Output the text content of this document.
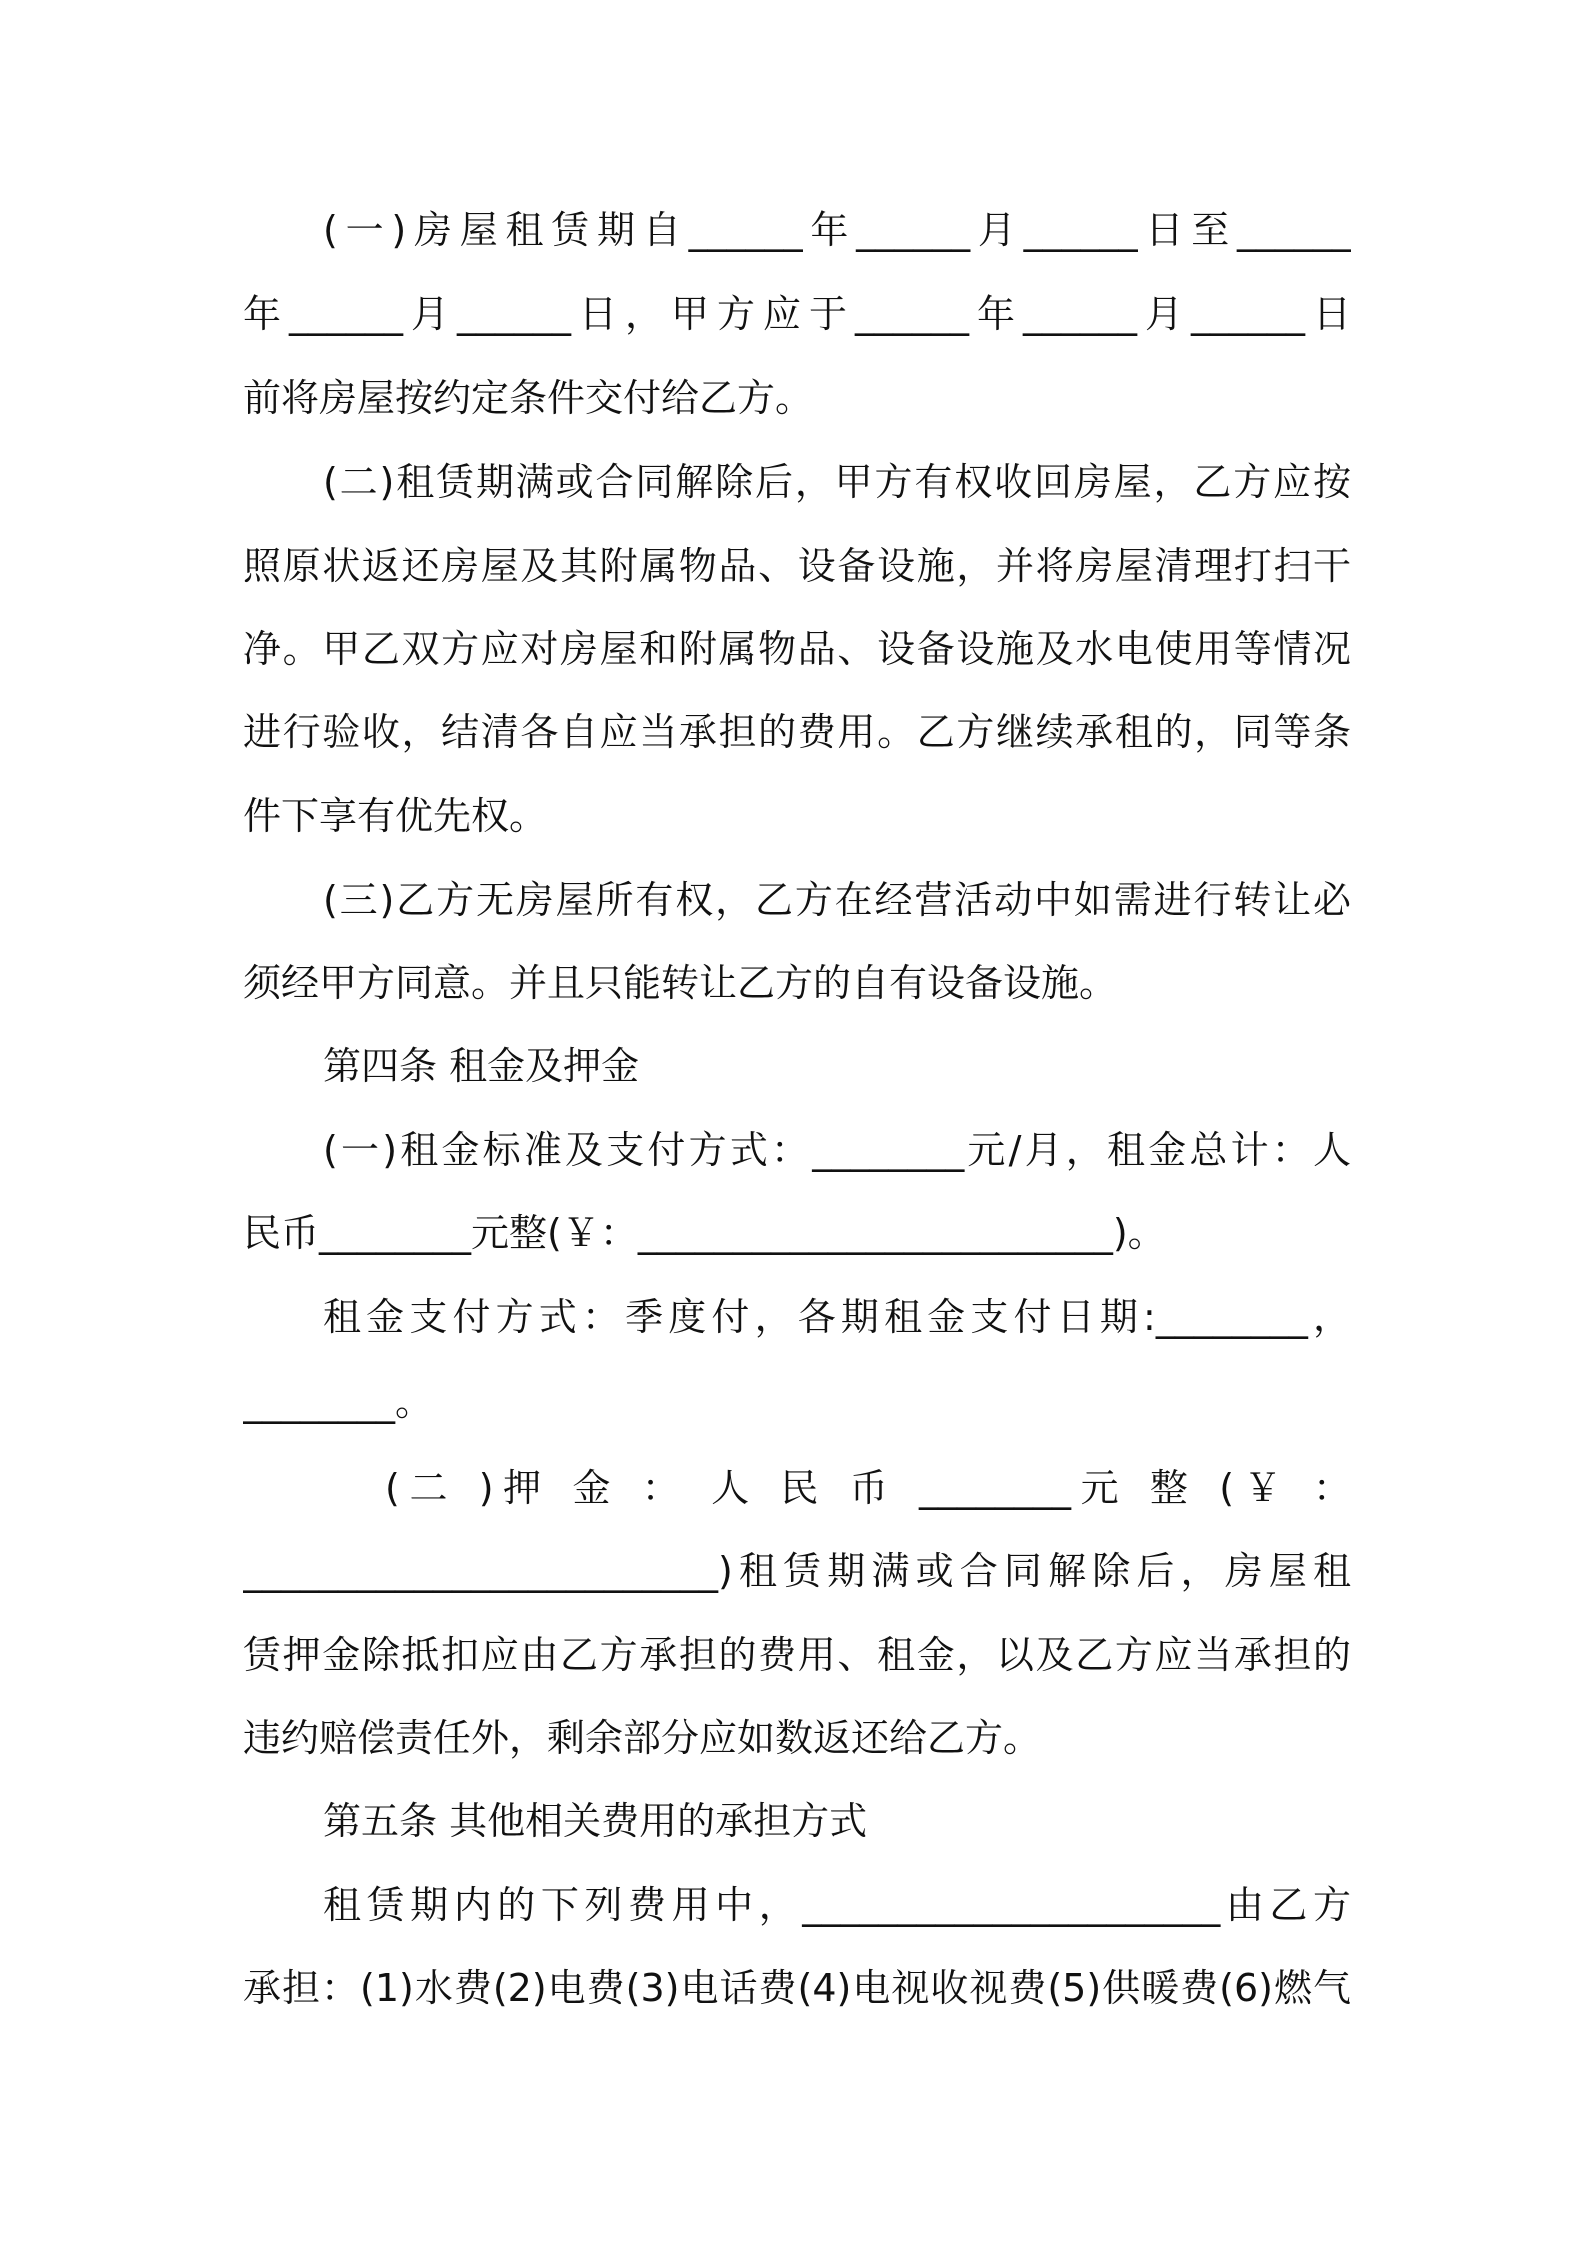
(一)房屋租赁期自______年______月______日至______
年______月______日，甲方应于______年______月______日
前将房屋按约定条件交付给乙方。
(二)租赁期满或合同解除后，甲方有权收回房屋，乙方应按
照原状返还房屋及其附属物品、设备设施，并将房屋清理打扫干
净。甲乙双方应对房屋和附属物品、设备设施及水电使用等情况
进行验收，结清各自应当承担的费用。乙方继续承租的，同等条
件下享有优先权。
(三)乙方无房屋所有权，乙方在经营活动中如需进行转让必
须经甲方同意。并且只能转让乙方的自有设备设施。
第四条 租金及押金
(一)租金标准及支付方式：________元/月，租金总计：人
民币________元整(￥：_________________________)。
租金支付方式：季度付，各期租金支付日期:________，
________。
(二 )押 金 ： 人 民 币 ________元 整 (￥ ：
_________________________)租赁期满或合同解除后，房屋租
赁押金除抵扣应由乙方承担的费用、租金，以及乙方应当承担的
违约赔偿责任外，剩余部分应如数返还给乙方。
第五条 其他相关费用的承担方式
租赁期内的下列费用中，______________________由乙方
承担：(1)水费(2)电费(3)电话费(4)电视收视费(5)供暖费(6)燃气
